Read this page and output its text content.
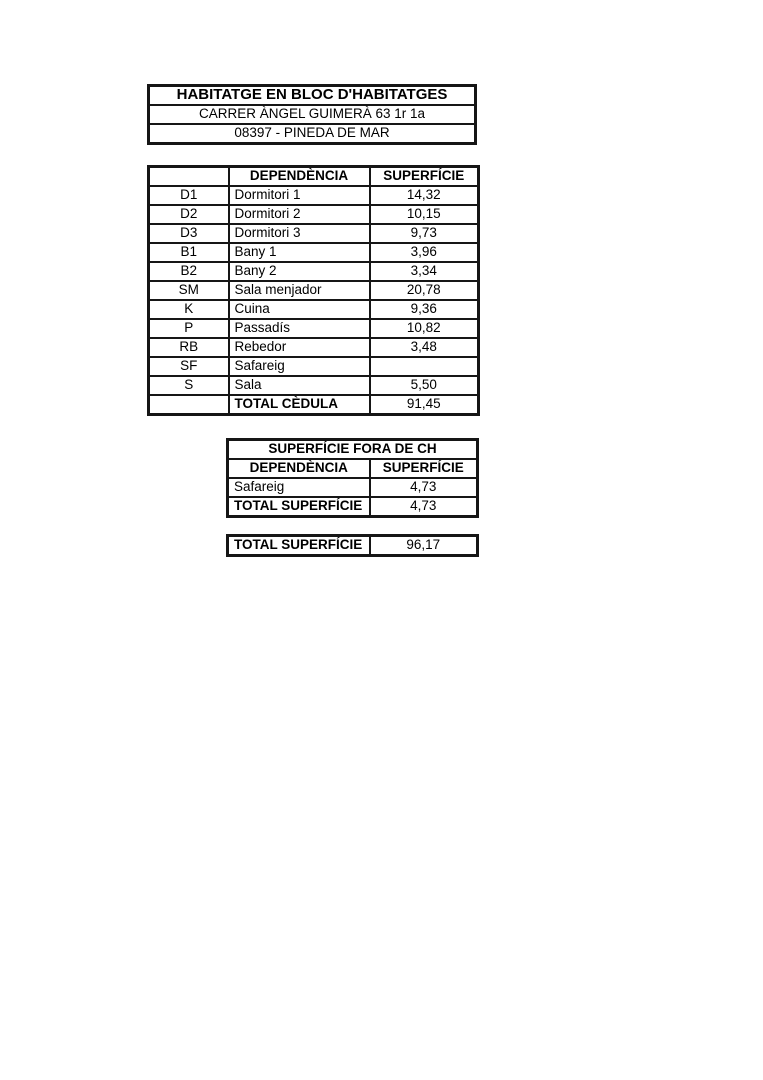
HABITATGE EN BLOC D'HABITATGES
CARRER ÀNGEL GUIMERÀ 63 1r 1a
08397 - PINEDA DE MAR
	DEPENDÈNCIA	SUPERFÍCIE
D1	Dormitori 1	14,32
D2	Dormitori 2	10,15
D3	Dormitori 3	9,73
B1	Bany 1	3,96
B2	Bany 2	3,34
SM	Sala menjador	20,78
K	Cuina	9,36
P	Passadís	10,82
RB	Rebedor	3,48
SF	Safareig	
S	Sala	5,50
	TOTAL CÈDULA	91,45
SUPERFÍCIE FORA DE CH	
DEPENDÈNCIA	SUPERFÍCIE
Safareig	4,73
TOTAL SUPERFÍCIE	4,73
TOTAL SUPERFÍCIE	96,17
